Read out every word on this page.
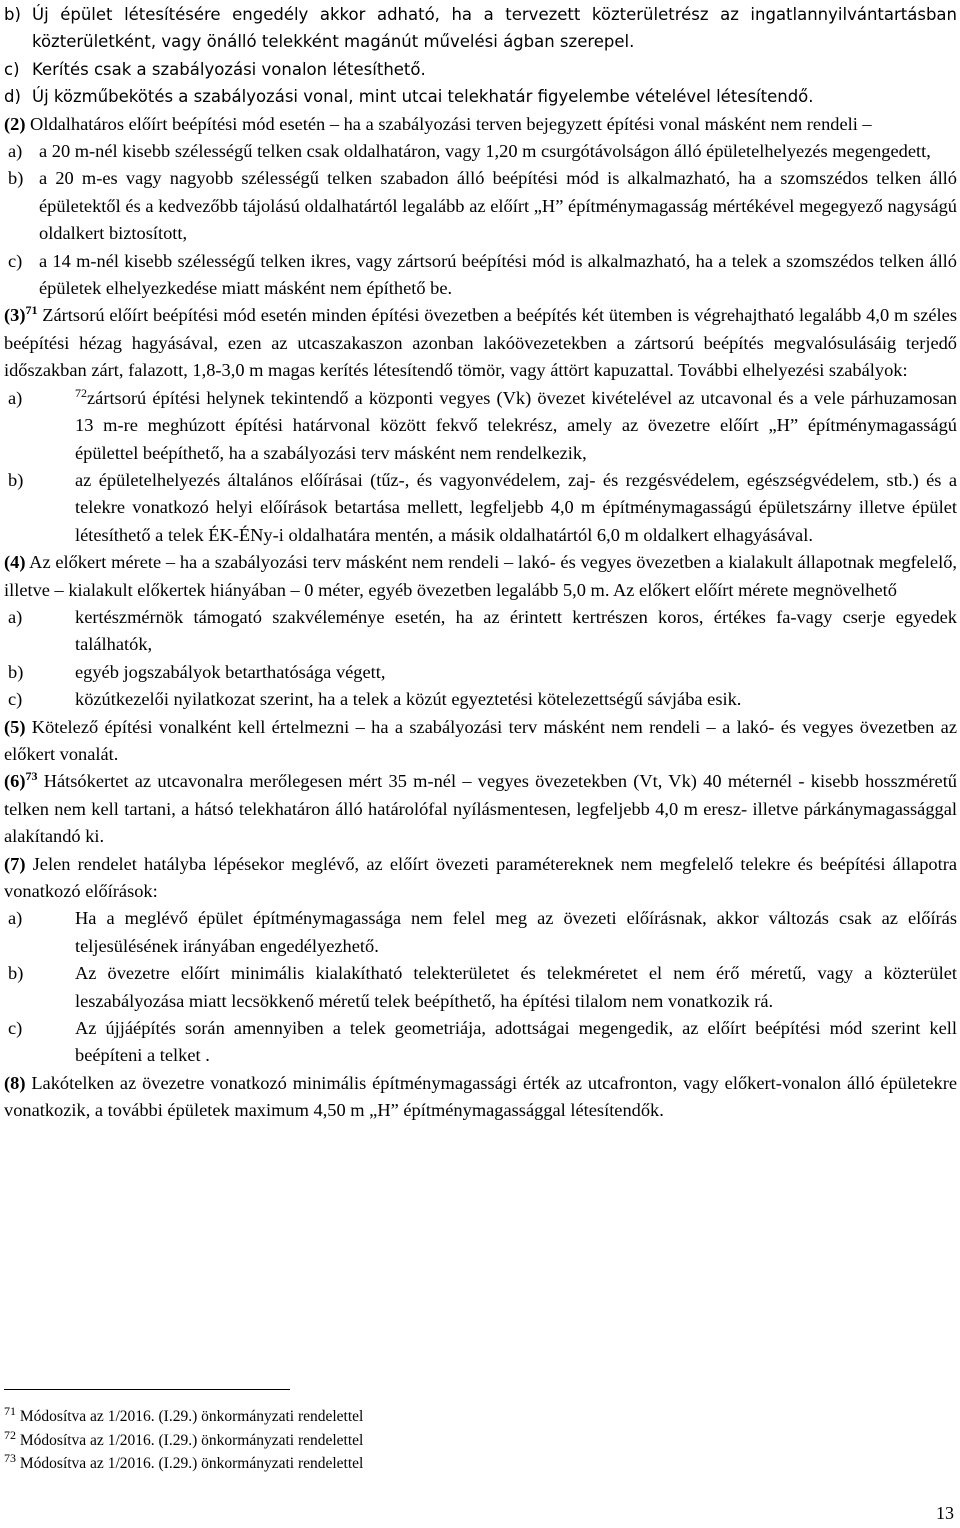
b) Új épület létesítésére engedély akkor adható, ha a tervezett közterületrész az ingatlannyilvántartásban közterületként, vagy önálló telekként magánút művelési ágban szerepel.
c) Kerítés csak a szabályozási vonalon létesíthető.
d) Új közműbekötés a szabályozási vonal, mint utcai telekhatár figyelembe vételével létesítendő.

(2) Oldalhatáros előírt beépítési mód esetén – ha a szabályozási terven bejegyzett építési vonal másként nem rendeli –

a) a 20 m-nél kisebb szélességű telken csak oldalhatáron, vagy 1,20 m csurgótávolságon álló épületelhelyezés megengedett,
b) a 20 m-es vagy nagyobb szélességű telken szabadon álló beépítési mód is alkalmazható, ha a szomszédos telken álló épületektől és a kedvezőbb tájolású oldalhatártól legalább az előírt „H” építménymagasság mértékével megegyező nagyságú oldalkert biztosított,
c) a 14 m-nél kisebb szélességű telken ikres, vagy zártsorú beépítési mód is alkalmazható, ha a telek a szomszédos telken álló épületek elhelyezkedése miatt másként nem építhető be.

$(3)^{71}$ Zártsorú előírt beépítési mód esetén minden építési övezetben a beépítés két ütemben is végrehajtható legalább 4,0 m széles beépítési hézag hagyásával, ezen az utcaszakaszon azonban lakóövezetekben a zártsorú beépítés megvalósulásáig terjedő időszakban zárt, falazott, 1,8-3,0 m magas kerítés létesítendő tömör, vagy áttört kapuzattal. További elhelyezési szabályok:

a)	$^{72}$zártsorú építési helynek tekintendő a központi vegyes (Vk) övezet kivételével az utcavonal és a vele párhuzamosan 13 m-re meghúzott építési határvonal között fekvő telekrész, amely az övezetre előírt „H” építménymagasságú épülettel beépíthető, ha a szabályozási terv másként nem rendelkezik,
b)	az épületelhelyezés általános előírásai (tűz-, és vagyonvédelem, zaj- és rezgésvédelem, egészségvédelem, stb.) és a telekre vonatkozó helyi előírások betartása mellett, legfeljebb 4,0 m építménymagasságú épületszárny illetve épület létesíthető a telek ÉK-ÉNy-i oldalhatára mentén, a másik oldalhatártól 6,0 m oldalkert elhagyásával.

(4) Az előkert mérete – ha a szabályozási terv másként nem rendeli – lakó- és vegyes övezetben a kialakult állapotnak megfelelő, illetve – kialakult előkertek hiányában – 0 méter, egyéb övezetben legalább 5,0 m. Az előkert előírt mérete megnövelhető

a)	kertészmérnök támogató szakvéleménye esetén, ha az érintett kertrészen koros, értékes fa-vagy cserje egyedek találhatók,
b)	egyéb jogszabályok betarthatósága végett,
c)	közútkezelői nyilatkozat szerint, ha a telek a közút egyeztetési kötelezettségű sávjába esik.

(5) Kötelező építési vonalként kell értelmezni – ha a szabályozási terv másként nem rendeli – a lakó- és vegyes övezetben az előkert vonalát.

$(6)^{73}$ Hátsókertet az utcavonalra merőlegesen mért 35 m-nél – vegyes övezetekben (Vt, Vk) 40 méternél - kisebb hosszméretű telken nem kell tartani, a hátsó telekhatáron álló határolófal nyílásmentesen, legfeljebb 4,0 m eresz- illetve párkánymagassággal alakítandó ki.

(7) Jelen rendelet hatályba lépésekor meglévő, az előírt övezeti paramétereknek nem megfelelő telekre és beépítési állapotra vonatkozó előírások:

a)	Ha a meglévő épület építménymagassága nem felel meg az övezeti előírásnak, akkor változás csak az előírás teljesülésének irányában engedélyezhető.
b)	Az övezetre előírt minimális kialakítható telekterületet és telekméretet el nem érő méretű, vagy a közterület leszabályozása miatt lecsökkenő méretű telek beépíthető, ha építési tilalom nem vonatkozik rá.
c)	Az újjáépítés során amennyiben a telek geometriája, adottságai megengedik, az előírt beépítési mód szerint kell beépíteni a telket .

(8) Lakótelken az övezetre vonatkozó minimális építménymagassági érték az utcafronton, vagy előkert-vonalon álló épületekre vonatkozik, a további épületek maximum 4,50 m „H” építménymagassággal létesítendők.

$^{71}$ Módosítva az 1/2016. (I.29.) önkormányzati rendelettel
$^{72}$ Módosítva az 1/2016. (I.29.) önkormányzati rendelettel
$^{73}$ Módosítva az 1/2016. (I.29.) önkormányzati rendelettel
13
